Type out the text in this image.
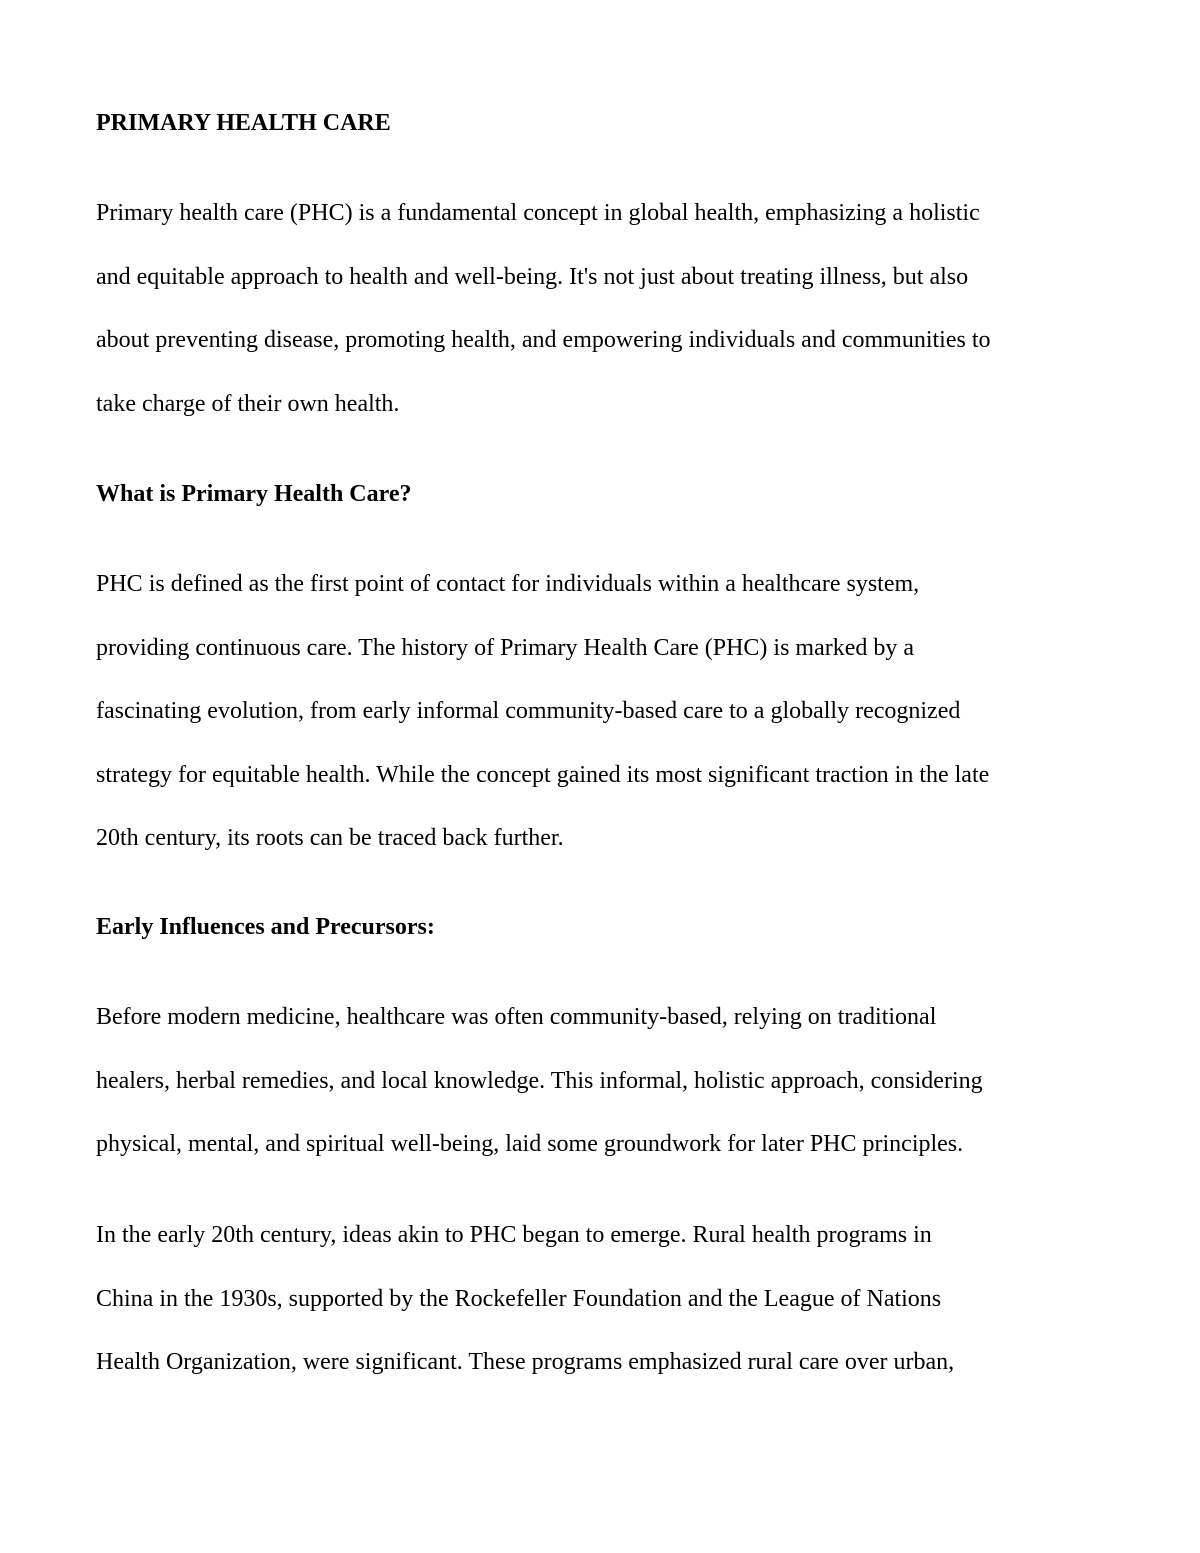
PRIMARY HEALTH CARE
Primary health care (PHC) is a fundamental concept in global health, emphasizing a holistic
and equitable approach to health and well-being. It's not just about treating illness, but also
about preventing disease, promoting health, and empowering individuals and communities to
take charge of their own health.
What is Primary Health Care?
PHC is defined as the first point of contact for individuals within a healthcare system,
providing continuous care. The history of Primary Health Care (PHC) is marked by a
fascinating evolution, from early informal community-based care to a globally recognized
strategy for equitable health. While the concept gained its most significant traction in the late
20th century, its roots can be traced back further.
Early Influences and Precursors:
Before modern medicine, healthcare was often community-based, relying on traditional
healers, herbal remedies, and local knowledge. This informal, holistic approach, considering
physical, mental, and spiritual well-being, laid some groundwork for later PHC principles.
In the early 20th century, ideas akin to PHC began to emerge. Rural health programs in
China in the 1930s, supported by the Rockefeller Foundation and the League of Nations
Health Organization, were significant. These programs emphasized rural care over urban,
